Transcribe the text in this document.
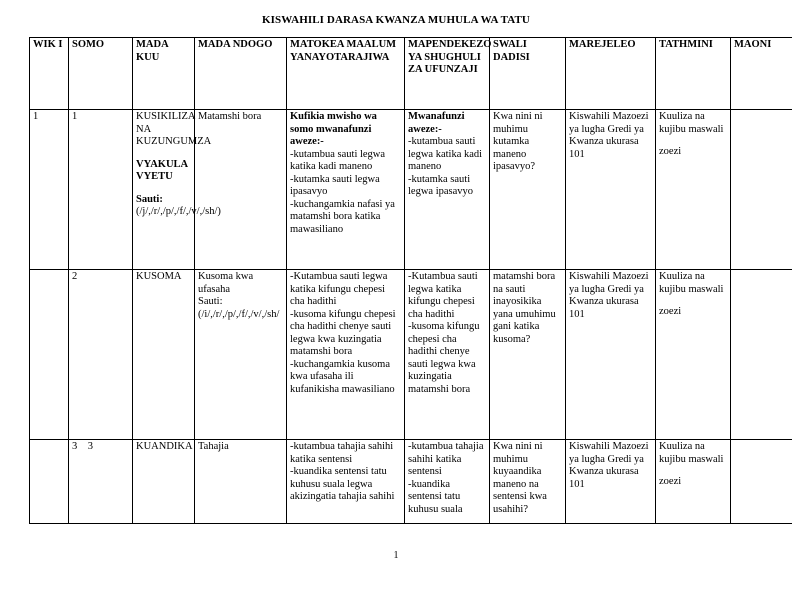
KISWAHILI DARASA KWANZA MUHULA WA TATU
WIK I	SOMO	MADA KUU	MADA NDOGO	MATOKEA MAALUM YANAYOTARAJIWA	MAPENDEKEZO YA SHUGHULI ZA UFUNZAJI	SWALI DADISI	MAREJELEO	TATHMINI	MAONI
1	1	KUSIKILIZA NA KUZUNGUMZA
VYAKULA VYETU
Sauti:(/j/,/r/,/p/,/f/,/v/,/sh/)	Matamshi bora	Kufikia mwisho wa somo mwanafunzi aweze:-
-kutambua sauti legwa katika kadi maneno
-kutamka sauti legwa ipasavyo
-kuchangamkia nafasi ya matamshi bora katika mawasiliano	Mwanafunzi aweze:-
-kutambua sauti legwa katika kadi maneno
-kutamka sauti legwa ipasavyo	Kwa nini ni muhimu kutamka maneno ipasavyo?	Kiswahili Mazoezi ya lugha Gredi ya Kwanza ukurasa 101	Kuuliza na kujibu maswali
zoezi	

	2	KUSOMA	Kusoma kwa ufasaha
Sauti:(/i/,/r/,/p/,/f/,/v/,/sh/	-Kutambua sauti legwa katika kifungu chepesi cha hadithi
-kusoma kifungu chepesi cha hadithi chenye sauti legwa kwa kuzingatia matamshi bora
-kuchangamkia kusoma kwa ufasaha ili kufanikisha mawasiliano	-Kutambua sauti legwa katika kifungu chepesi cha hadithi
-kusoma kifungu chepesi cha hadithi chenye sauti legwa kwa kuzingatia matamshi bora	matamshi bora na sauti inayosikika yana umuhimu gani katika kusoma?	Kiswahili Mazoezi ya lugha Gredi ya Kwanza ukurasa 101	Kuuliza na kujibu maswali
zoezi	

	3    3	KUANDIKA	Tahajia	-kutambua tahajia sahihi katika sentensi
-kuandika sentensi tatu kuhusu suala legwa akizingatia tahajia sahihi	-kutambua tahajia sahihi katika sentensi
-kuandika sentensi tatu kuhusu suala	Kwa nini ni muhimu kuyaandika maneno na sentensi kwa usahihi?	Kiswahili Mazoezi ya lugha Gredi ya Kwanza ukurasa 101	Kuuliza na kujibu maswali
zoezi	

1
